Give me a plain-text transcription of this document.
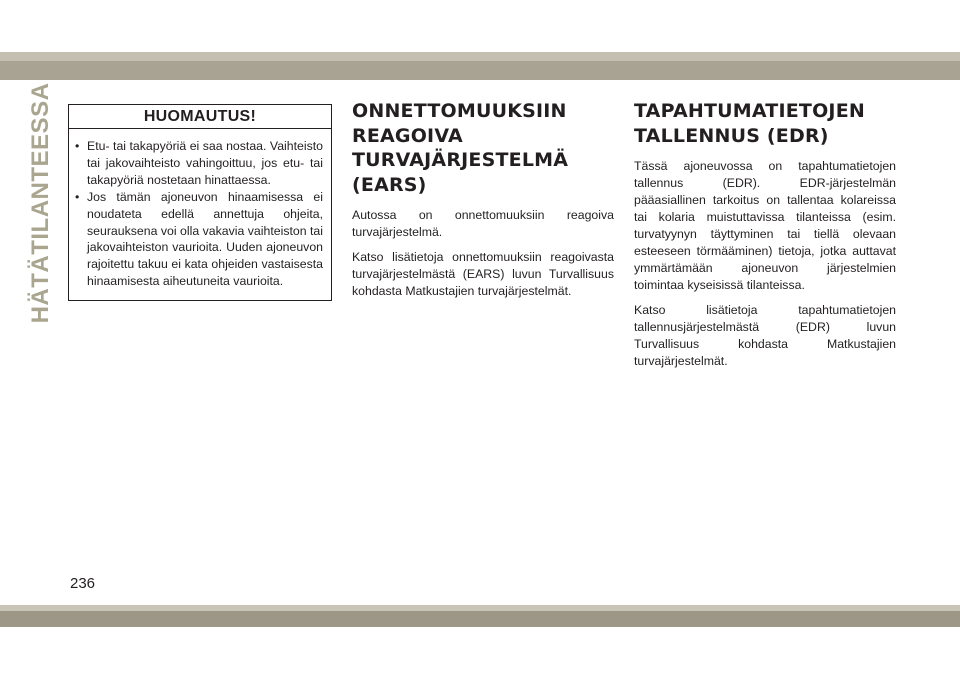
HÄTÄTILANTEESSA	HUOMAUTUS!
• Etu- tai takapyöriä ei saa nostaa. Vaihteisto tai jakovaihteisto vahingoittuu, jos etu- tai takapyöriä nostetaan hinattaessa.
• Jos tämän ajoneuvon hinaamisessa ei noudateta edellä annettuja ohjeita, seurauksena voi olla vakavia vaihteiston tai jakovaihteiston vaurioita. Uuden ajoneuvon rajoitettu takuu ei kata ohjeiden vastaisesta hinaamisesta aiheutuneita vaurioita.
ONNETTOMUUKSIIN REAGOIVA TURVAJÄRJESTELMÄ (EARS)

Autossa on onnettomuuksiin reagoiva turvajärjestelmä.

Katso lisätietoja onnettomuuksiin reagoivasta turvajärjestelmästä (EARS) luvun Turvallisuus kohdasta Matkustajien turvajärjestelmät.

TAPAHTUMATIETOJEN TALLENNUS (EDR)

Tässä ajoneuvossa on tapahtumatietojen tallennus (EDR). EDR-järjestelmän pääasiallinen tarkoitus on tallentaa kolareissa tai kolaria muistuttavissa tilanteissa (esim. turvatyynyn täyttyminen tai tiellä olevaan esteeseen törmääminen) tietoja, jotka auttavat ymmärtämään ajoneuvon järjestelmien toimintaa kyseisissä tilanteissa.

Katso lisätietoja tapahtumatietojen tallennusjärjestelmästä (EDR) luvun Turvallisuus kohdasta Matkustajien turvajärjestelmät.

236
